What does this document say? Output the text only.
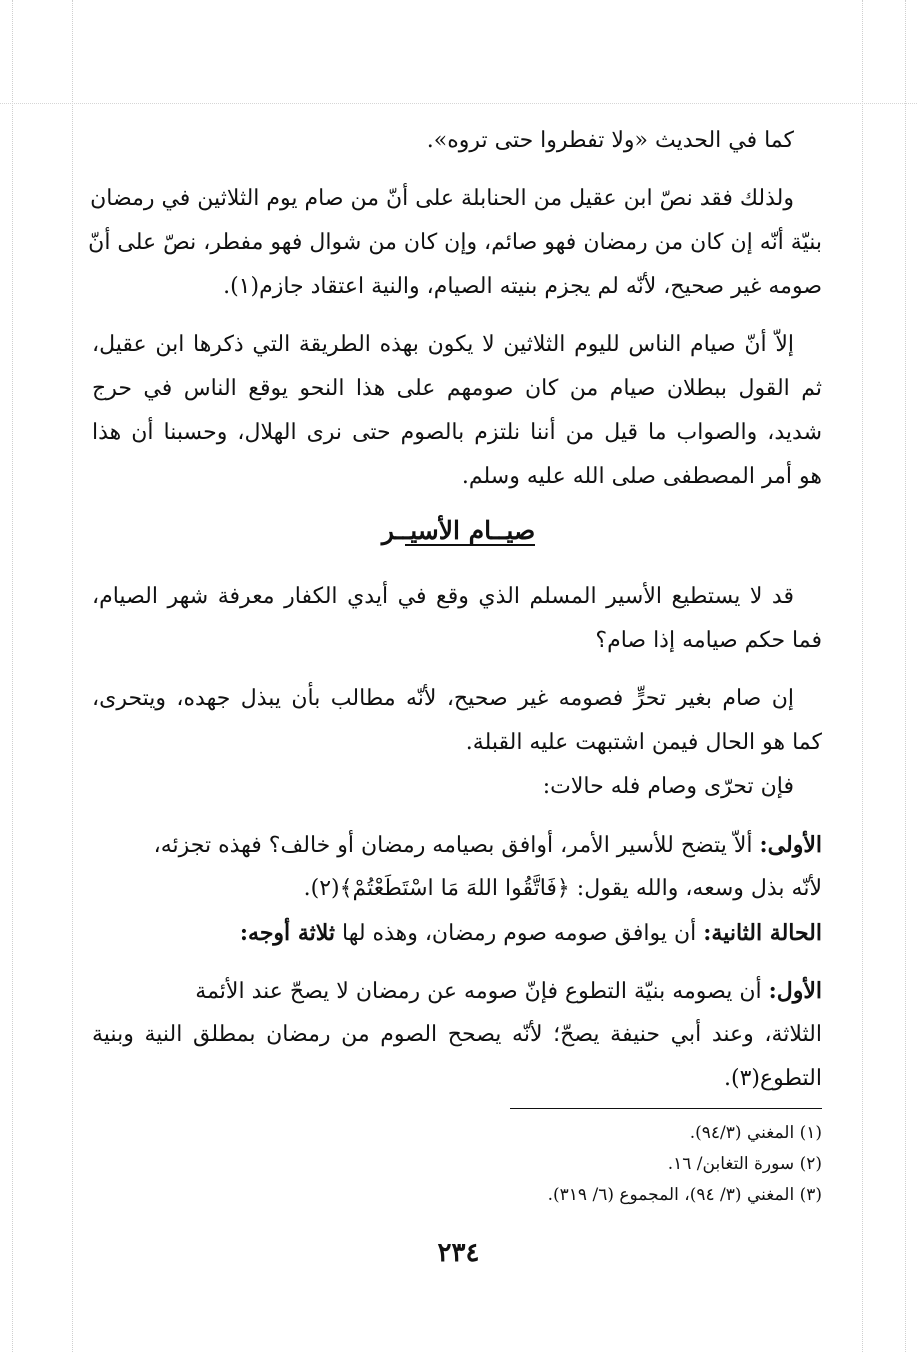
كما في الحديث «ولا تفطروا حتى تروه».
ولذلك فقد نصّ ابن عقيل من الحنابلة على أنّ من صام يوم الثلاثين في رمضان
بنيّة أنّه إن كان من رمضان فهو صائم، وإن كان من شوال فهو مفطر، نصّ على أنّ
صومه غير صحيح، لأنّه لم يجزم بنيته الصيام، والنية اعتقاد جازم(١).
إلاّ أنّ صيام الناس لليوم الثلاثين لا يكون بهذه الطريقة التي ذكرها ابن عقيل،
ثم القول ببطلان صيام من كان صومهم على هذا النحو يوقع الناس في حرج
شديد، والصواب ما قيل من أننا نلتزم بالصوم حتى نرى الهلال، وحسبنا أن هذا
هو أمر المصطفى صلى الله عليه وسلم.
صيــام الأسيــر
قد لا يستطيع الأسير المسلم الذي وقع في أيدي الكفار معرفة شهر الصيام،
فما حكم صيامه إذا صام؟
إن صام بغير تحرٍّ فصومه غير صحيح، لأنّه مطالب بأن يبذل جهده، ويتحرى،
كما هو الحال فيمن اشتبهت عليه القبلة.
فإن تحرّى وصام فله حالات:
الأولى: ألاّ يتضح للأسير الأمر، أوافق بصيامه رمضان أو خالف؟ فهذه تجزئه،
لأنّه بذل وسعه، والله يقول: ﴿فَاتَّقُوا اللهَ مَا اسْتَطَعْتُمْ﴾(٢).
الحالة الثانية: أن يوافق صومه صوم رمضان، وهذه لها ثلاثة أوجه:
الأول: أن يصومه بنيّة التطوع فإنّ صومه عن رمضان لا يصحّ عند الأئمة
الثلاثة، وعند أبي حنيفة يصحّ؛ لأنّه يصحح الصوم من رمضان بمطلق النية وبنية
التطوع(٣).
(١) المغني (٩٤/٣).
(٢) سورة التغابن/ ١٦.
(٣) المغني (٣/ ٩٤)، المجموع (٦/ ٣١٩).
٢٣٤
